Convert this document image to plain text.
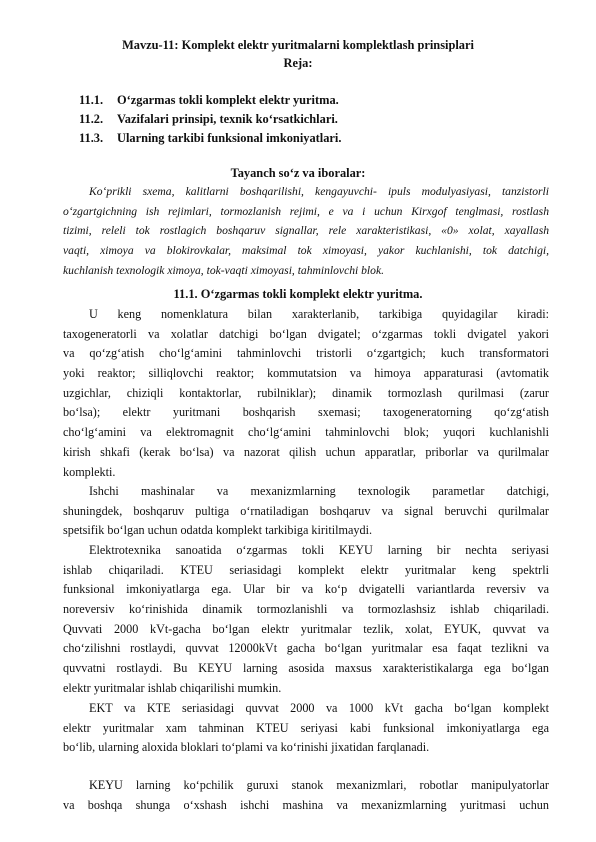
Mavzu-11: Komplekt elektr yuritmalarni komplektlash prinsiplari
Reja:
11.1. O‘zgarmas tokli komplekt elektr yuritma.
11.2. Vazifalari prinsipi, texnik ko‘rsatkichlari.
11.3. Ularning tarkibi funksional imkoniyatlari.
Tayanch so‘z va iboralar:
Ko‘prikli sxema, kalitlarni boshqarilishi, kengayuvchi- ipuls modulyasiyasi, tanzistorli
o‘zgartgichning ish rejimlari, tormozlanish rejimi, e va i uchun Kirxgof tenglmasi, rostlash
tizimi, releli tok rostlagich boshqaruv signallar, rele xarakteristikasi, «0» xolat, xayallash
vaqti, ximoya va blokirovkalar, maksimal tok ximoyasi, yakor kuchlanishi, tok datchigi,
kuchlanish texnologik ximoya, tok-vaqti ximoyasi, tahminlovchi blok.
11.1. O‘zgarmas tokli komplekt elektr yuritma.
U keng nomenklatura bilan xarakterlanib, tarkibiga quyidagilar kiradi:
taxogeneratorli va xolatlar datchigi bo‘lgan dvigatel; o‘zgarmas tokli dvigatel yakori
va qo‘zg‘atish cho‘lg‘amini tahminlovchi tristorli o‘zgartgich; kuch transformatori
yoki reaktor; silliqlovchi reaktor; kommutatsion va himoya apparaturasi (avtomatik
uzgichlar, chiziqli kontaktorlar, rubilniklar); dinamik tormozlash qurilmasi (zarur
bo‘lsa); elektr yuritmani boshqarish sxemasi; taxogeneratorning qo‘zg‘atish
cho‘lg‘amini va elektromagnit cho‘lg‘amini tahminlovchi blok; yuqori kuchlanishli
kirish shkafi (kerak bo‘lsa) va nazorat qilish uchun apparatlar, priborlar va qurilmalar
komplekti.
Ishchi mashinalar va mexanizmlarning texnologik parametlar datchigi,
shuningdek, boshqaruv pultiga o‘rnatiladigan boshqaruv va signal beruvchi qurilmalar
spetsifik bo‘lgan uchun odatda komplekt tarkibiga kiritilmaydi.
Elektrotexnika sanoatida o‘zgarmas tokli KEYU larning bir nechta seriyasi
ishlab chiqariladi. KTEU seriasidagi komplekt elektr yuritmalar keng spektrli
funksional imkoniyatlarga ega. Ular bir va ko‘p dvigatelli variantlarda reversiv va
noreversiv ko‘rinishida dinamik tormozlanishli va tormozlashsiz ishlab chiqariladi.
Quvvati 2000 kVt-gacha bo‘lgan elektr yuritmalar tezlik, xolat, EYUK, quvvat va
cho‘zilishni rostlaydi, quvvat 12000kVt gacha bo‘lgan yuritmalar esa faqat tezlikni va
quvvatni rostlaydi. Bu KEYU larning asosida maxsus xarakteristikalarga ega bo‘lgan
elektr yuritmalar ishlab chiqarilishi mumkin.
EKT va KTE seriasidagi quvvat 2000 va 1000 kVt gacha bo‘lgan komplekt
elektr yuritmalar xam tahminan KTEU seriyasi kabi funksional imkoniyatlarga ega
bo‘lib, ularning aloxida bloklari to‘plami va ko‘rinishi jixatidan farqlanadi.
KEYU larning ko‘pchilik guruxi stanok mexanizmlari, robotlar manipulyatorlar
va boshqa shunga o‘xshash ishchi mashina va mexanizmlarning yuritmasi uchun
